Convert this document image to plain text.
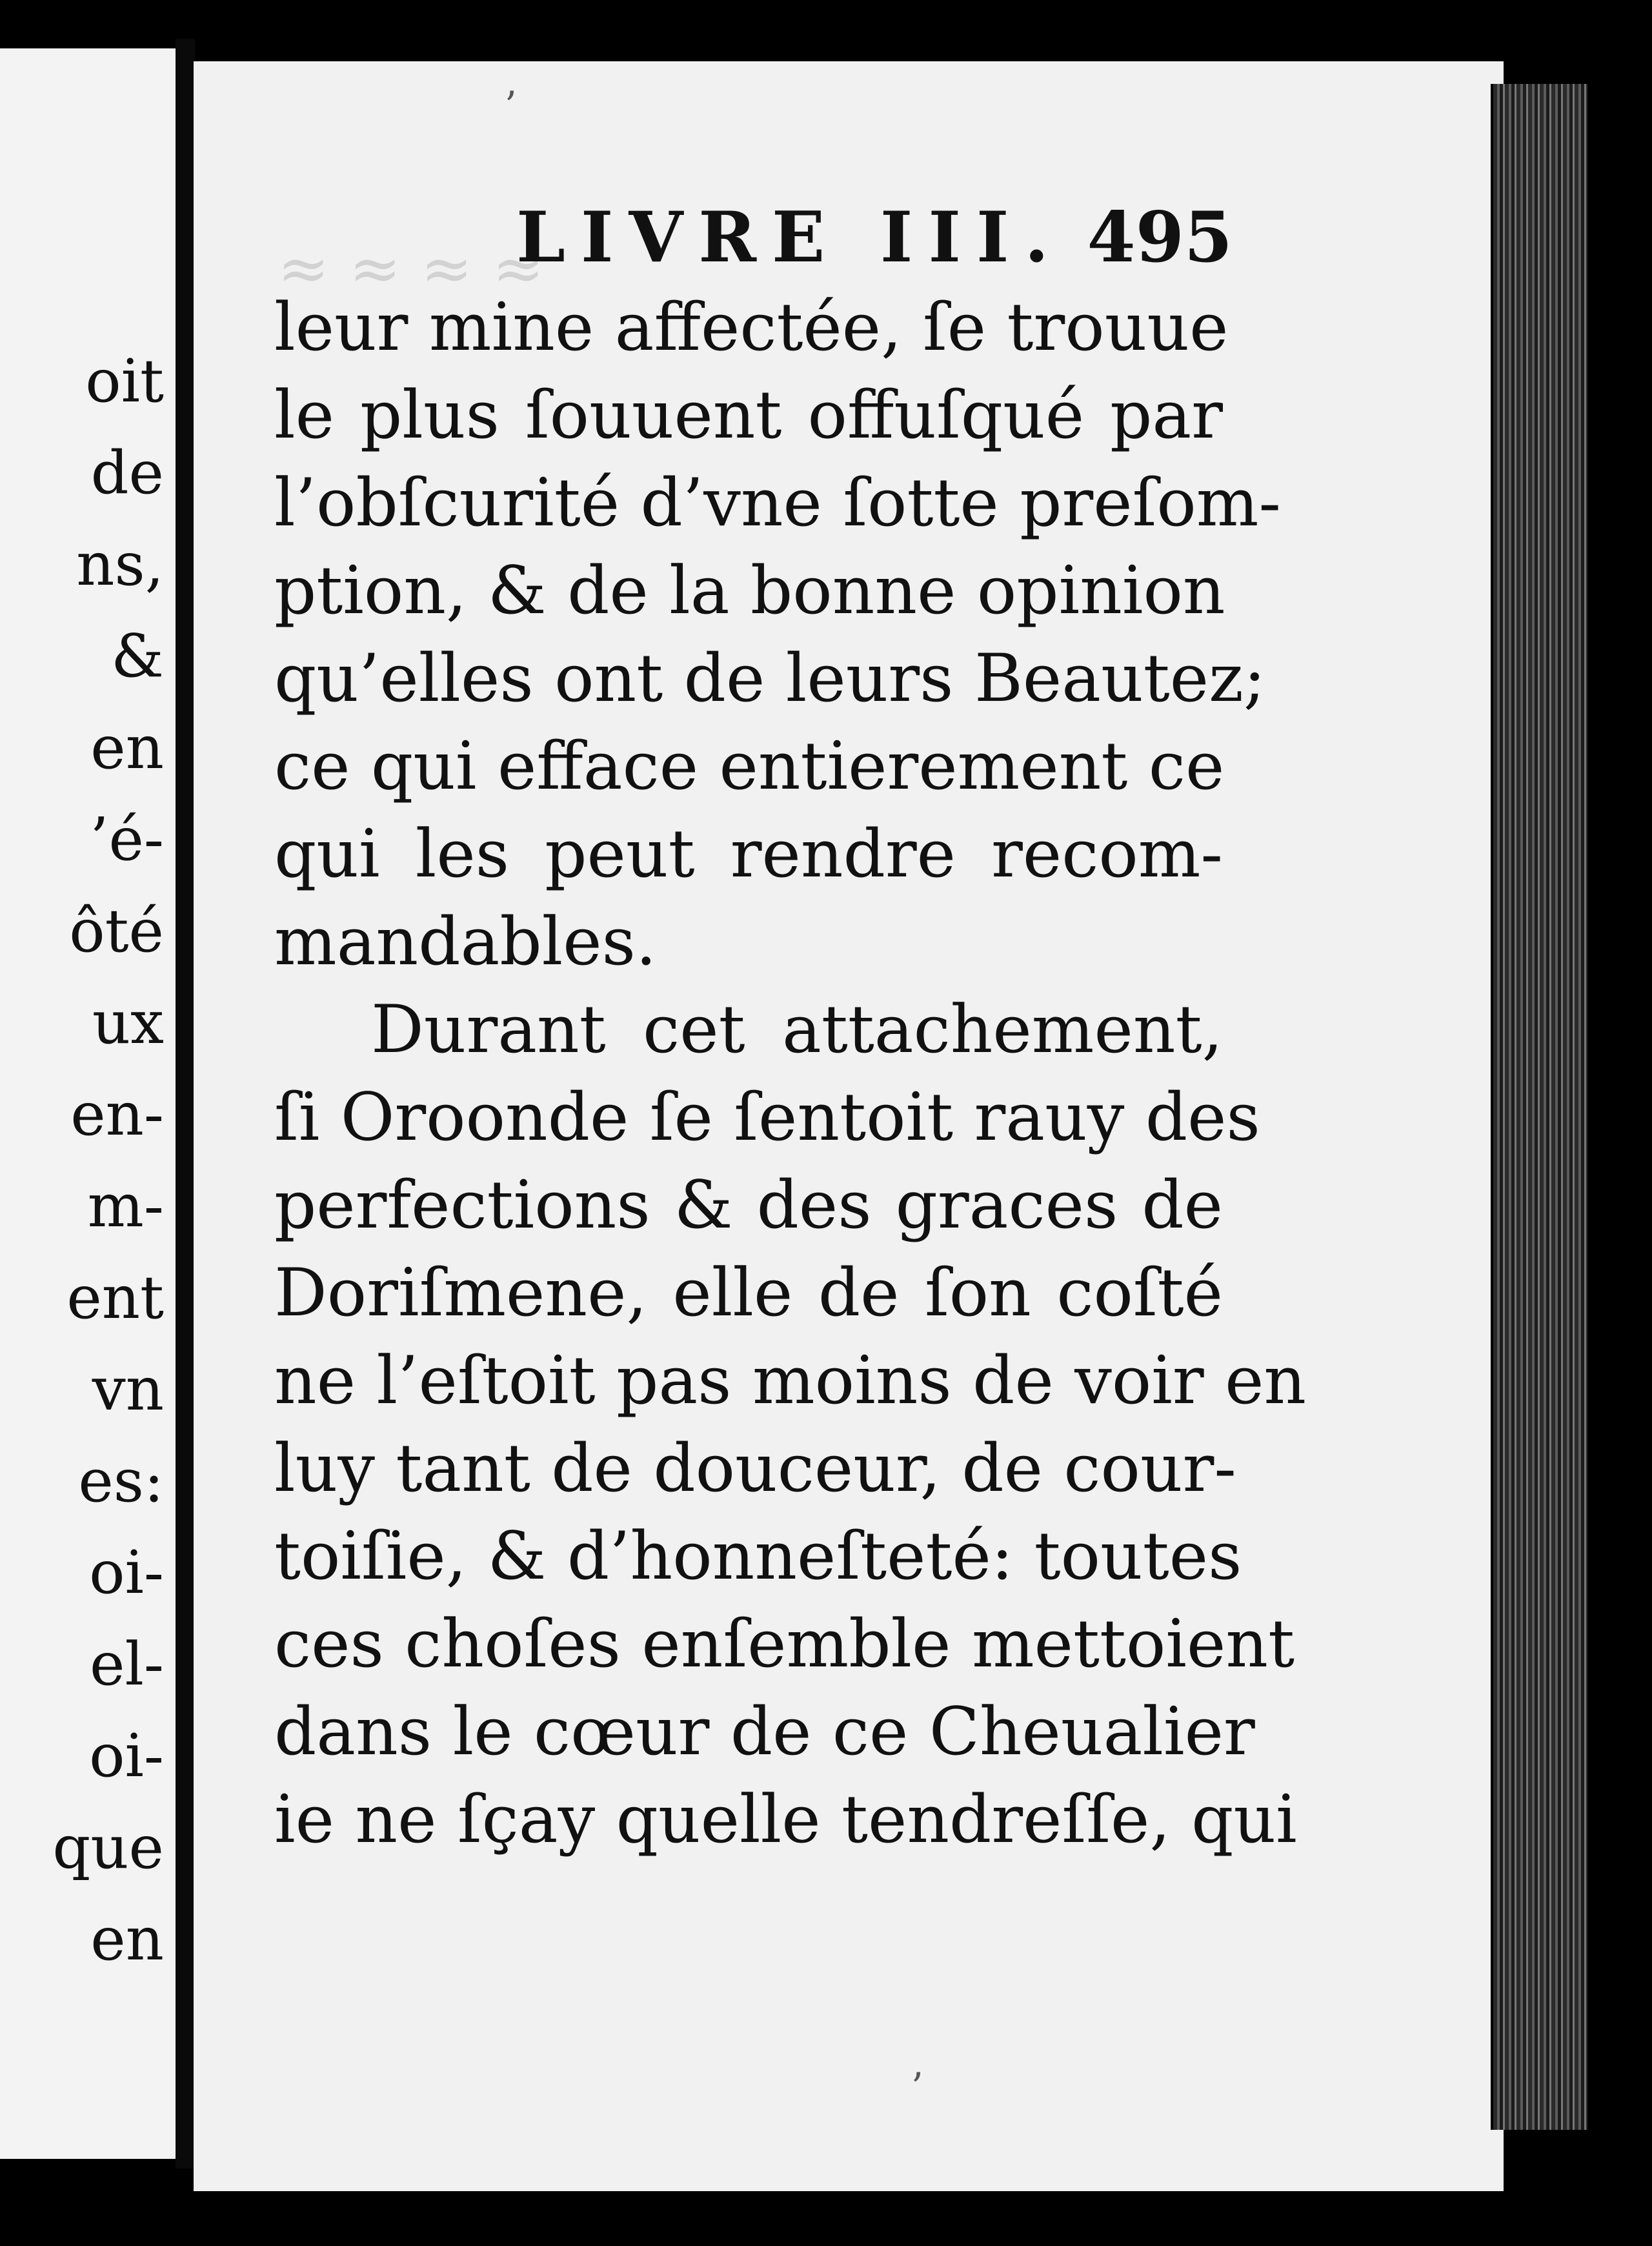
oit
de
ns,
&
en
’é-
ôté
ux
en-
m-
ent
vn
es:
oi-
el-
oi-
que
en
≈ ≈ ≈ ≈
ʼ
ʼ
LIVRE III. 495
leur mine affectée, ſe trouue
le plus ſouuent offuſqué par
l’obſcurité d’vne ſotte preſom-
ption, & de la bonne opinion
qu’elles ont de leurs Beautez;
ce qui efface entierement ce
qui les peut rendre recom-
mandables.
Durant cet attachement,
ſi Oroonde ſe ſentoit rauy des
perfections & des graces de
Doriſmene, elle de ſon coſté
ne l’eſtoit pas moins de voir en
luy tant de douceur, de cour-
toiſie, & d’honneſteté: toutes
ces choſes enſemble mettoient
dans le cœur de ce Cheualier
ie ne ſçay quelle tendreſſe, qui
